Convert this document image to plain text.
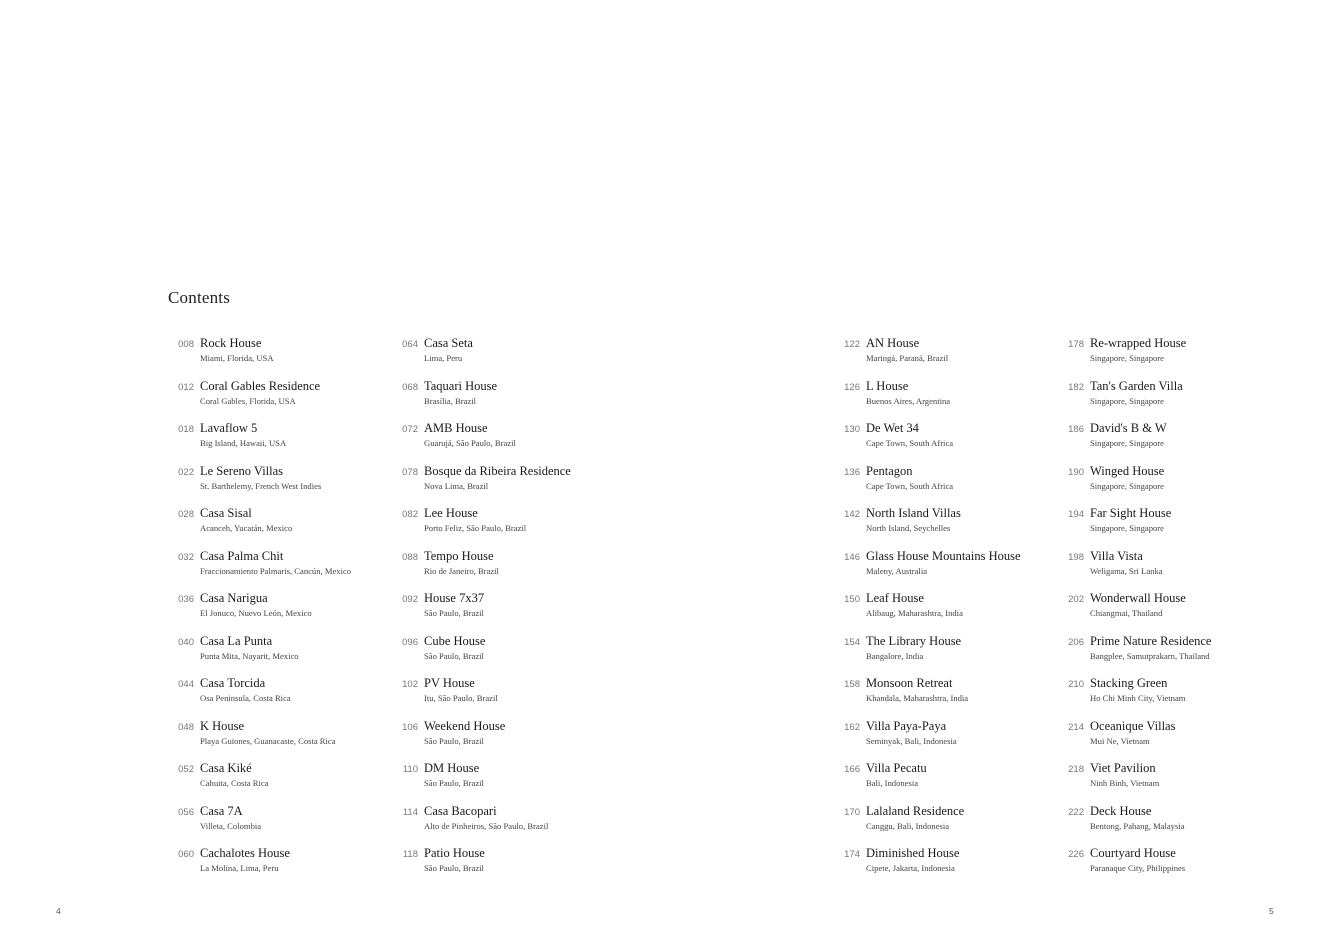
Contents
008 Rock House
Miami, Florida, USA
012 Coral Gables Residence
Coral Gables, Florida, USA
018 Lavaflow 5
Big Island, Hawaii, USA
022 Le Sereno Villas
St. Barthelemy, French West Indies
028 Casa Sisal
Acanceh, Yucatán, Mexico
032 Casa Palma Chit
Fraccionamiento Palmaris, Cancún, Mexico
036 Casa Narigua
El Jonuco, Nuevo León, Mexico
040 Casa La Punta
Punta Mita, Nayarit, Mexico
044 Casa Torcida
Osa Peninsula, Costa Rica
048 K House
Playa Guiones, Guanacaste, Costa Rica
052 Casa Kiké
Cahuita, Costa Rica
056 Casa 7A
Villeta, Colombia
060 Cachalotes House
La Molina, Lima, Peru
064 Casa Seta
Lima, Peru
068 Taquari House
Brasília, Brazil
072 AMB House
Guarujá, São Paulo, Brazil
078 Bosque da Ribeira Residence
Nova Lima, Brazil
082 Lee House
Porto Feliz, São Paulo, Brazil
088 Tempo House
Rio de Janeiro, Brazil
092 House 7x37
São Paulo, Brazil
096 Cube House
São Paulo, Brazil
102 PV House
Itu, São Paulo, Brazil
106 Weekend House
São Paulo, Brazil
110 DM House
São Paulo, Brazil
114 Casa Bacopari
Alto de Pinheiros, São Paulo, Brazil
118 Patio House
São Paulo, Brazil
122 AN House
Maringá, Paraná, Brazil
126 L House
Buenos Aires, Argentina
130 De Wet 34
Cape Town, South Africa
136 Pentagon
Cape Town, South Africa
142 North Island Villas
North Island, Seychelles
146 Glass House Mountains House
Maleny, Australia
150 Leaf House
Alibaug, Maharashtra, India
154 The Library House
Bangalore, India
158 Monsoon Retreat
Khandala, Maharashtra, India
162 Villa Paya-Paya
Seminyak, Bali, Indonesia
166 Villa Pecatu
Bali, Indonesia
170 Lalaland Residence
Canggu, Bali, Indonesia
174 Diminished House
Cipete, Jakarta, Indonesia
178 Re-wrapped House
Singapore, Singapore
182 Tan's Garden Villa
Singapore, Singapore
186 David's B & W
Singapore, Singapore
190 Winged House
Singapore, Singapore
194 Far Sight House
Singapore, Singapore
198 Villa Vista
Weligama, Sri Lanka
202 Wonderwall House
Chiangmai, Thailand
206 Prime Nature Residence
Bangplee, Samutprakarn, Thailand
210 Stacking Green
Ho Chi Minh City, Vietnam
214 Oceanique Villas
Mui Ne, Vietnam
218 Viet Pavilion
Ninh Binh, Vietnam
222 Deck House
Bentong, Pahang, Malaysia
226 Courtyard House
Paranaque City, Philippines
4	5
